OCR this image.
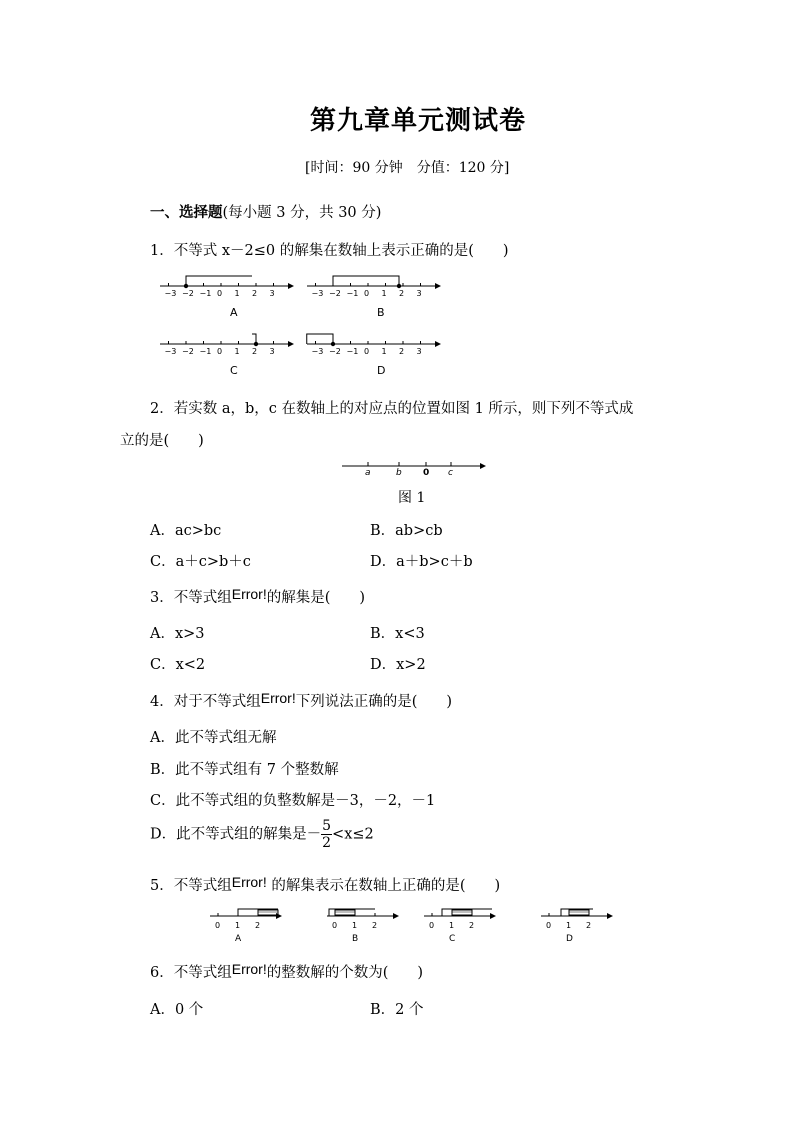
第九章单元测试卷
[时间：90 分钟　分值：120 分]
一、选择题(每小题 3 分，共 30 分)
1．不等式 x－2≤0 的解集在数轴上表示正确的是(　　)
−3 −2 −1 0 1 2 3
A
−3 −2 −1 0 1 2 3
B
−3 −2 −1 0 1 2 3
C
−3 −2 −1 0 1 2 3
D
2．若实数 a，b，c 在数轴上的对应点的位置如图 1 所示，则下列不等式成
立的是(　　)
a	b 0 c
图 1
A．ac>bc	B．ab>cb
C．a＋c>b＋c	D．a＋b>c＋b
3．不等式组Error!的解集是(　　)
A．x>3	B．x<3
C．x<2	D．x>2
4．对于不等式组Error!下列说法正确的是(　　)
A．此不等式组无解
B．此不等式组有 7 个整数解
C．此不等式组的负整数解是－3，－2，－1
D．此不等式组的解集是－ $\frac{5}{2} <x\le 2$
5．不等式组Error! 的解集表示在数轴上正确的是(　　)
0 1 2
A
0 1 2
B
0 1 2
C
0 1 2
D
6．不等式组Error!的整数解的个数为(　　)
A．0 个	B．2 个
